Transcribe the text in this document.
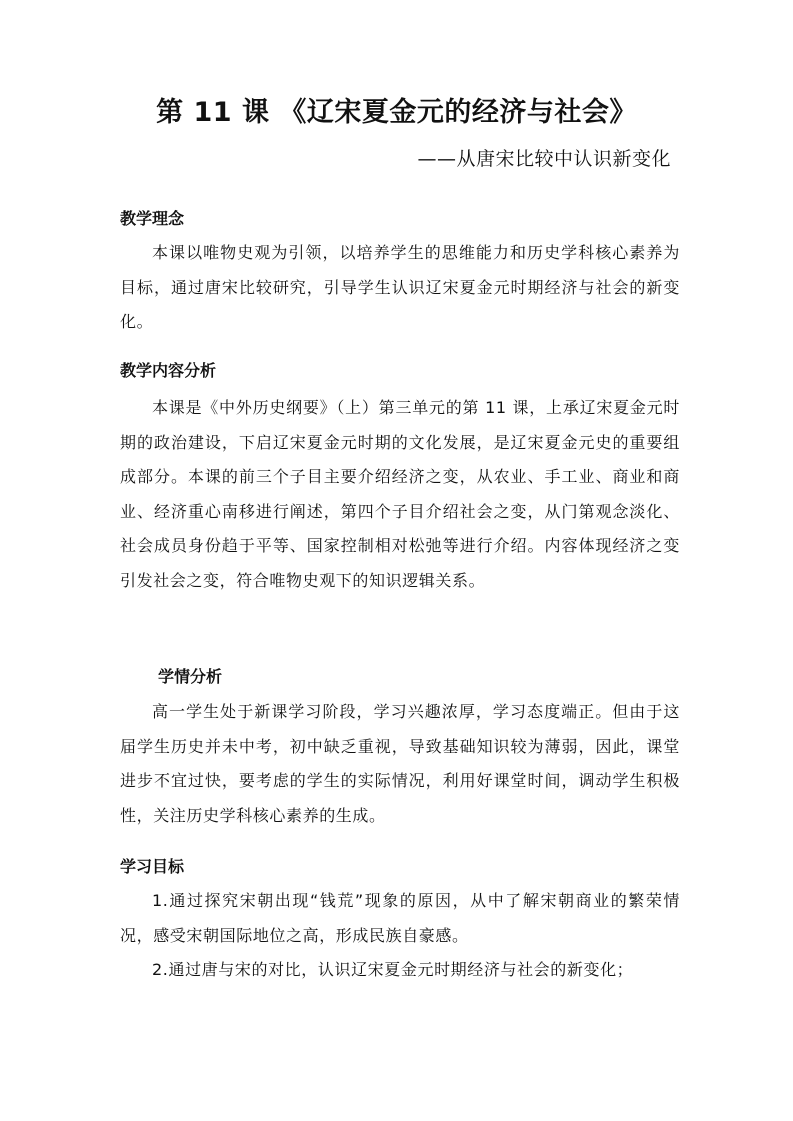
第 11 课 《辽宋夏金元的经济与社会》
——从唐宋比较中认识新变化
教学理念

本课以唯物史观为引领，以培养学生的思维能力和历史学科核心素养为目标，通过唐宋比较研究，引导学生认识辽宋夏金元时期经济与社会的新变化。

教学内容分析

本课是《中外历史纲要》（上）第三单元的第 11 课，上承辽宋夏金元时期的政治建设，下启辽宋夏金元时期的文化发展，是辽宋夏金元史的重要组成部分。本课的前三个子目主要介绍经济之变，从农业、手工业、商业和商业、经济重心南移进行阐述，第四个子目介绍社会之变，从门第观念淡化、社会成员身份趋于平等、国家控制相对松弛等进行介绍。内容体现经济之变引发社会之变，符合唯物史观下的知识逻辑关系。

学情分析

高一学生处于新课学习阶段，学习兴趣浓厚，学习态度端正。但由于这届学生历史并未中考，初中缺乏重视，导致基础知识较为薄弱，因此，课堂进步不宜过快，要考虑的学生的实际情况，利用好课堂时间，调动学生积极性，关注历史学科核心素养的生成。

学习目标

1.通过探究宋朝出现“钱荒”现象的原因，从中了解宋朝商业的繁荣情况，感受宋朝国际地位之高，形成民族自豪感。

2.通过唐与宋的对比，认识辽宋夏金元时期经济与社会的新变化；
